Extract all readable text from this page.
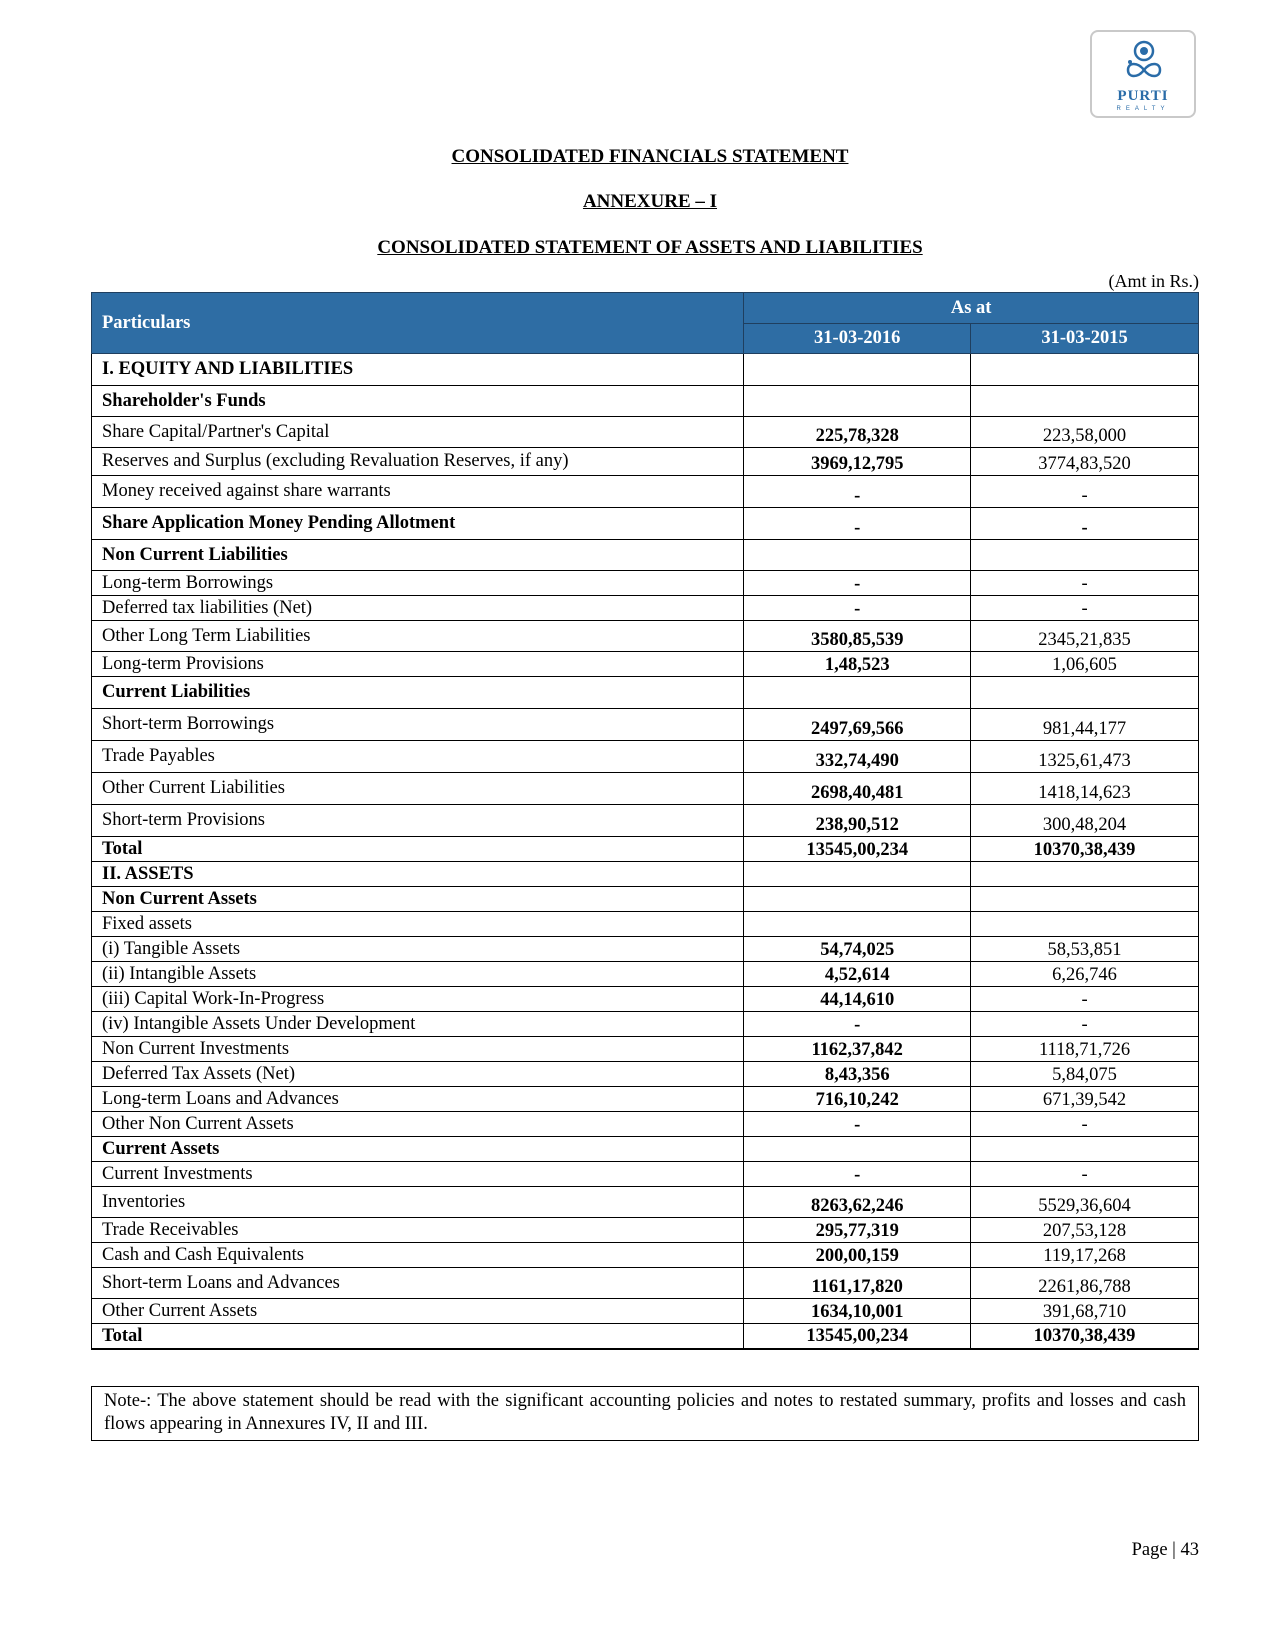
PURTI
REALTY
CONSOLIDATED FINANCIALS STATEMENT
ANNEXURE – I
CONSOLIDATED STATEMENT OF ASSETS AND LIABILITIES
(Amt in Rs.)
Particulars	As at	
	31-03-2016	31-03-2015
I. EQUITY AND LIABILITIES		
Shareholder's Funds		
Share Capital/Partner's Capital	225,78,328	223,58,000
Reserves and Surplus (excluding Revaluation Reserves, if any)	3969,12,795	3774,83,520
Money received against share warrants	-	-
Share Application Money Pending Allotment	-	-
Non Current Liabilities		
Long-term Borrowings	-	-
Deferred tax liabilities (Net)	-	-
Other Long Term Liabilities	3580,85,539	2345,21,835
Long-term Provisions	1,48,523	1,06,605
Current Liabilities		
Short-term Borrowings	2497,69,566	981,44,177
Trade Payables	332,74,490	1325,61,473
Other Current Liabilities	2698,40,481	1418,14,623
Short-term Provisions	238,90,512	300,48,204
Total	13545,00,234	10370,38,439
II. ASSETS		
Non Current Assets		
Fixed assets		
(i) Tangible Assets	54,74,025	58,53,851
(ii) Intangible Assets	4,52,614	6,26,746
(iii) Capital Work-In-Progress	44,14,610	-
(iv) Intangible Assets Under Development	-	-
Non Current Investments	1162,37,842	1118,71,726
Deferred Tax Assets (Net)	8,43,356	5,84,075
Long-term Loans and Advances	716,10,242	671,39,542
Other Non Current Assets	-	-
Current Assets		
Current Investments	-	-
Inventories	8263,62,246	5529,36,604
Trade Receivables	295,77,319	207,53,128
Cash and Cash Equivalents	200,00,159	119,17,268
Short-term Loans and Advances	1161,17,820	2261,86,788
Other Current Assets	1634,10,001	391,68,710
Total	13545,00,234	10370,38,439
Note-: The above statement should be read with the significant accounting policies and notes to restated summary, profits and losses and cash flows appearing in Annexures IV, II and III.
Page | 43
